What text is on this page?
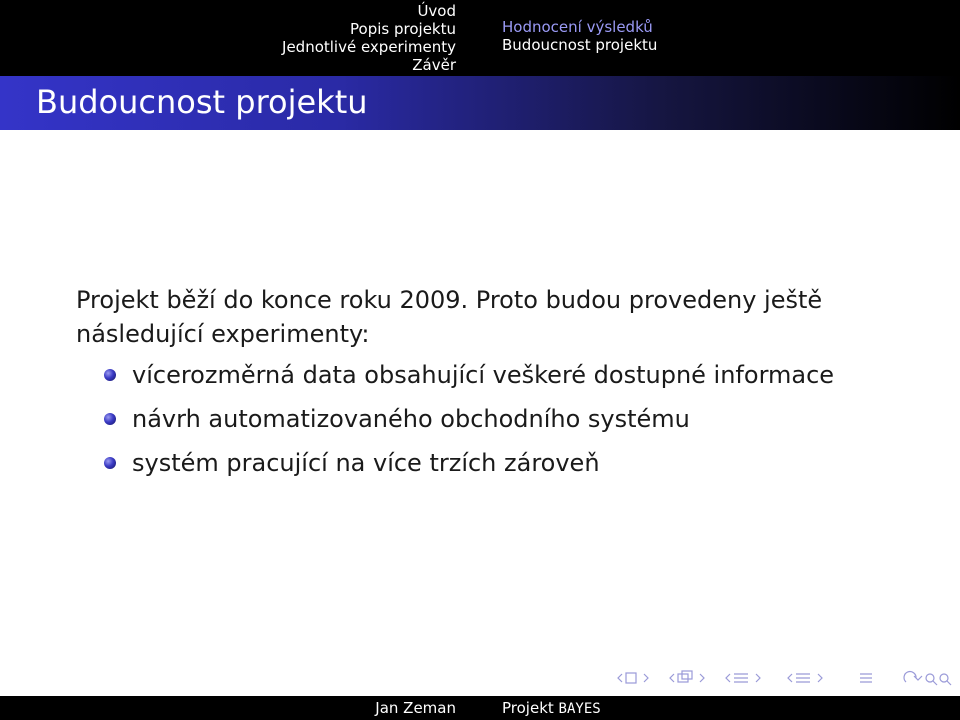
Úvod
Popis projektu
Jednotlivé experimenty
Závěr
Hodnocení výsledků
Budoucnost projektu
Budoucnost projektu

Projekt běží do konce roku 2009. Proto budou provedeny ještě následující experimenty:

vícerozměrná data obsahující veškeré dostupné informace
návrh automatizovaného obchodního systému
systém pracující na více trzích zároveň
Jan Zeman	Projekt BAYES
